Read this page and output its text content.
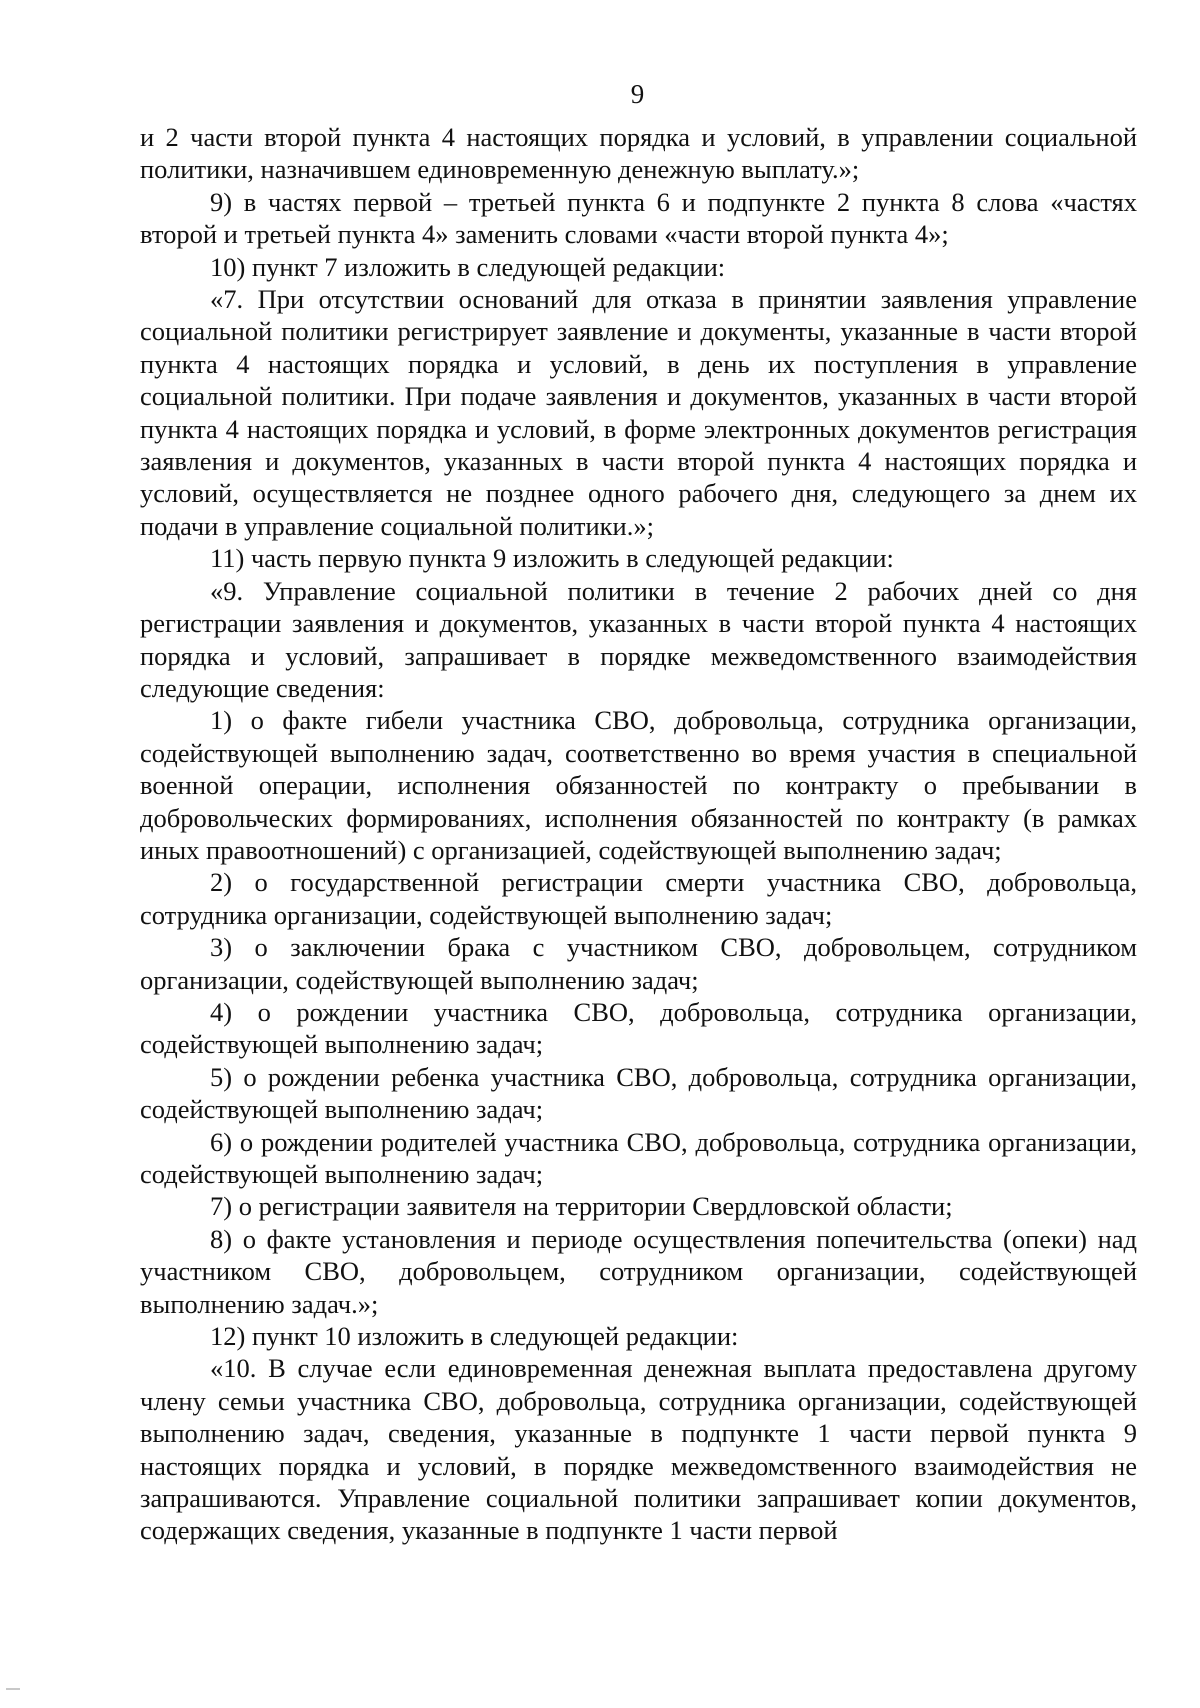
9

и 2 части второй пункта 4 настоящих порядка и условий, в управлении социальной политики, назначившем единовременную денежную выплату.»;

9) в частях первой – третьей пункта 6 и подпункте 2 пункта 8 слова «частях второй и третьей пункта 4» заменить словами «части второй пункта 4»;

10) пункт 7 изложить в следующей редакции:

«7. При отсутствии оснований для отказа в принятии заявления управление социальной политики регистрирует заявление и документы, указанные в части второй пункта 4 настоящих порядка и условий, в день их поступления в управление социальной политики. При подаче заявления и документов, указанных в части второй пункта 4 настоящих порядка и условий, в форме электронных документов регистрация заявления и документов, указанных в части второй пункта 4 настоящих порядка и условий, осуществляется не позднее одного рабочего дня, следующего за днем их подачи в управление социальной политики.»;

11) часть первую пункта 9 изложить в следующей редакции:

«9. Управление социальной политики в течение 2 рабочих дней со дня регистрации заявления и документов, указанных в части второй пункта 4 настоящих порядка и условий, запрашивает в порядке межведомственного взаимодействия следующие сведения:

1) о факте гибели участника СВО, добровольца, сотрудника организации, содействующей выполнению задач, соответственно во время участия в специальной военной операции, исполнения обязанностей по контракту о пребывании в добровольческих формированиях, исполнения обязанностей по контракту (в рамках иных правоотношений) с организацией, содействующей выполнению задач;

2) о государственной регистрации смерти участника СВО, добровольца, сотрудника организации, содействующей выполнению задач;

3) о заключении брака с участником СВО, добровольцем, сотрудником организации, содействующей выполнению задач;

4) о рождении участника СВО, добровольца, сотрудника организации, содействующей выполнению задач;

5) о рождении ребенка участника СВО, добровольца, сотрудника организации, содействующей выполнению задач;

6) о рождении родителей участника СВО, добровольца, сотрудника организации, содействующей выполнению задач;

7) о регистрации заявителя на территории Свердловской области;

8) о факте установления и периоде осуществления попечительства (опеки) над участником СВО, добровольцем, сотрудником организации, содействующей выполнению задач.»;

12) пункт 10 изложить в следующей редакции:

«10. В случае если единовременная денежная выплата предоставлена другому члену семьи участника СВО, добровольца, сотрудника организации, содействующей выполнению задач, сведения, указанные в подпункте 1 части первой пункта 9 настоящих порядка и условий, в порядке межведомственного взаимодействия не запрашиваются. Управление социальной политики запрашивает копии документов, содержащих сведения, указанные в подпункте 1 части первой
